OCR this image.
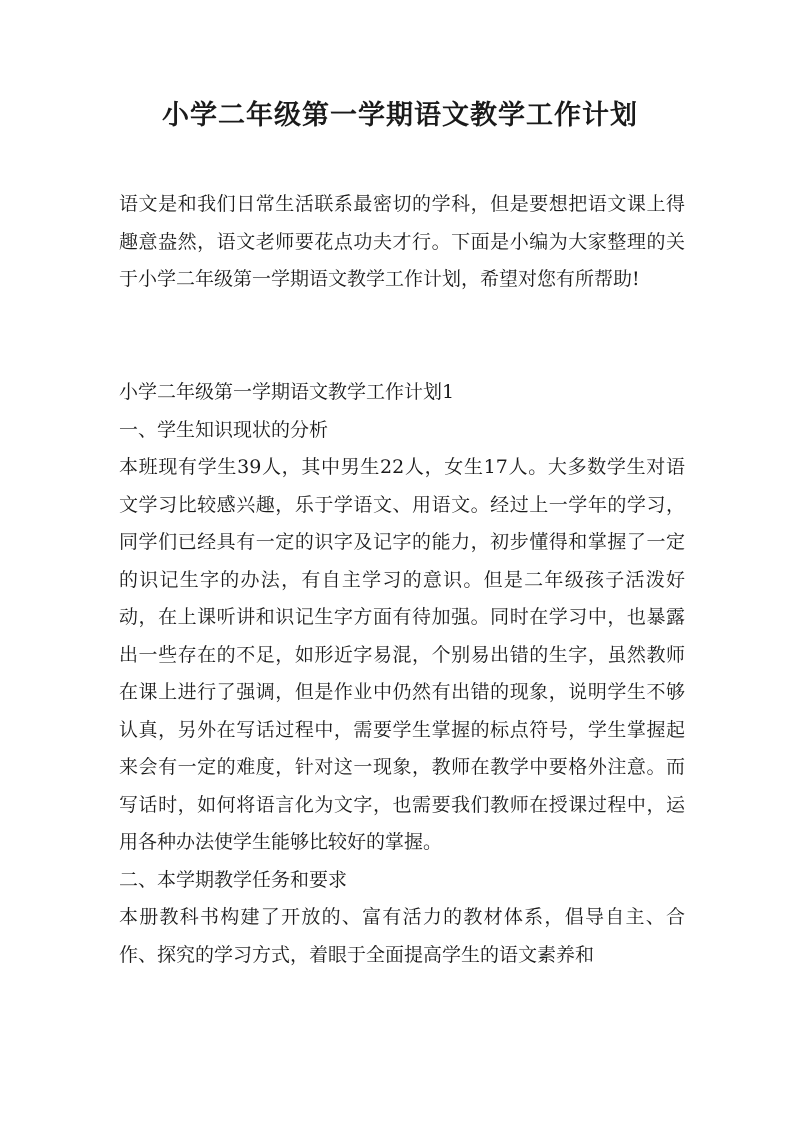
小学二年级第一学期语文教学工作计划

语文是和我们日常生活联系最密切的学科，但是要想把语文课上得趣意盎然，语文老师要花点功夫才行。下面是小编为大家整理的关于小学二年级第一学期语文教学工作计划，希望对您有所帮助!

小学二年级第一学期语文教学工作计划1

一、学生知识现状的分析

本班现有学生39人，其中男生22人，女生17人。大多数学生对语文学习比较感兴趣，乐于学语文、用语文。经过上一学年的学习，同学们已经具有一定的识字及记字的能力，初步懂得和掌握了一定的识记生字的办法，有自主学习的意识。但是二年级孩子活泼好动，在上课听讲和识记生字方面有待加强。同时在学习中，也暴露出一些存在的不足，如形近字易混，个别易出错的生字，虽然教师在课上进行了强调，但是作业中仍然有出错的现象，说明学生不够认真，另外在写话过程中，需要学生掌握的标点符号，学生掌握起来会有一定的难度，针对这一现象，教师在教学中要格外注意。而写话时，如何将语言化为文字，也需要我们教师在授课过程中，运用各种办法使学生能够比较好的掌握。

二、本学期教学任务和要求

本册教科书构建了开放的、富有活力的教材体系，倡导自主、合作、探究的学习方式，着眼于全面提高学生的语文素养和
